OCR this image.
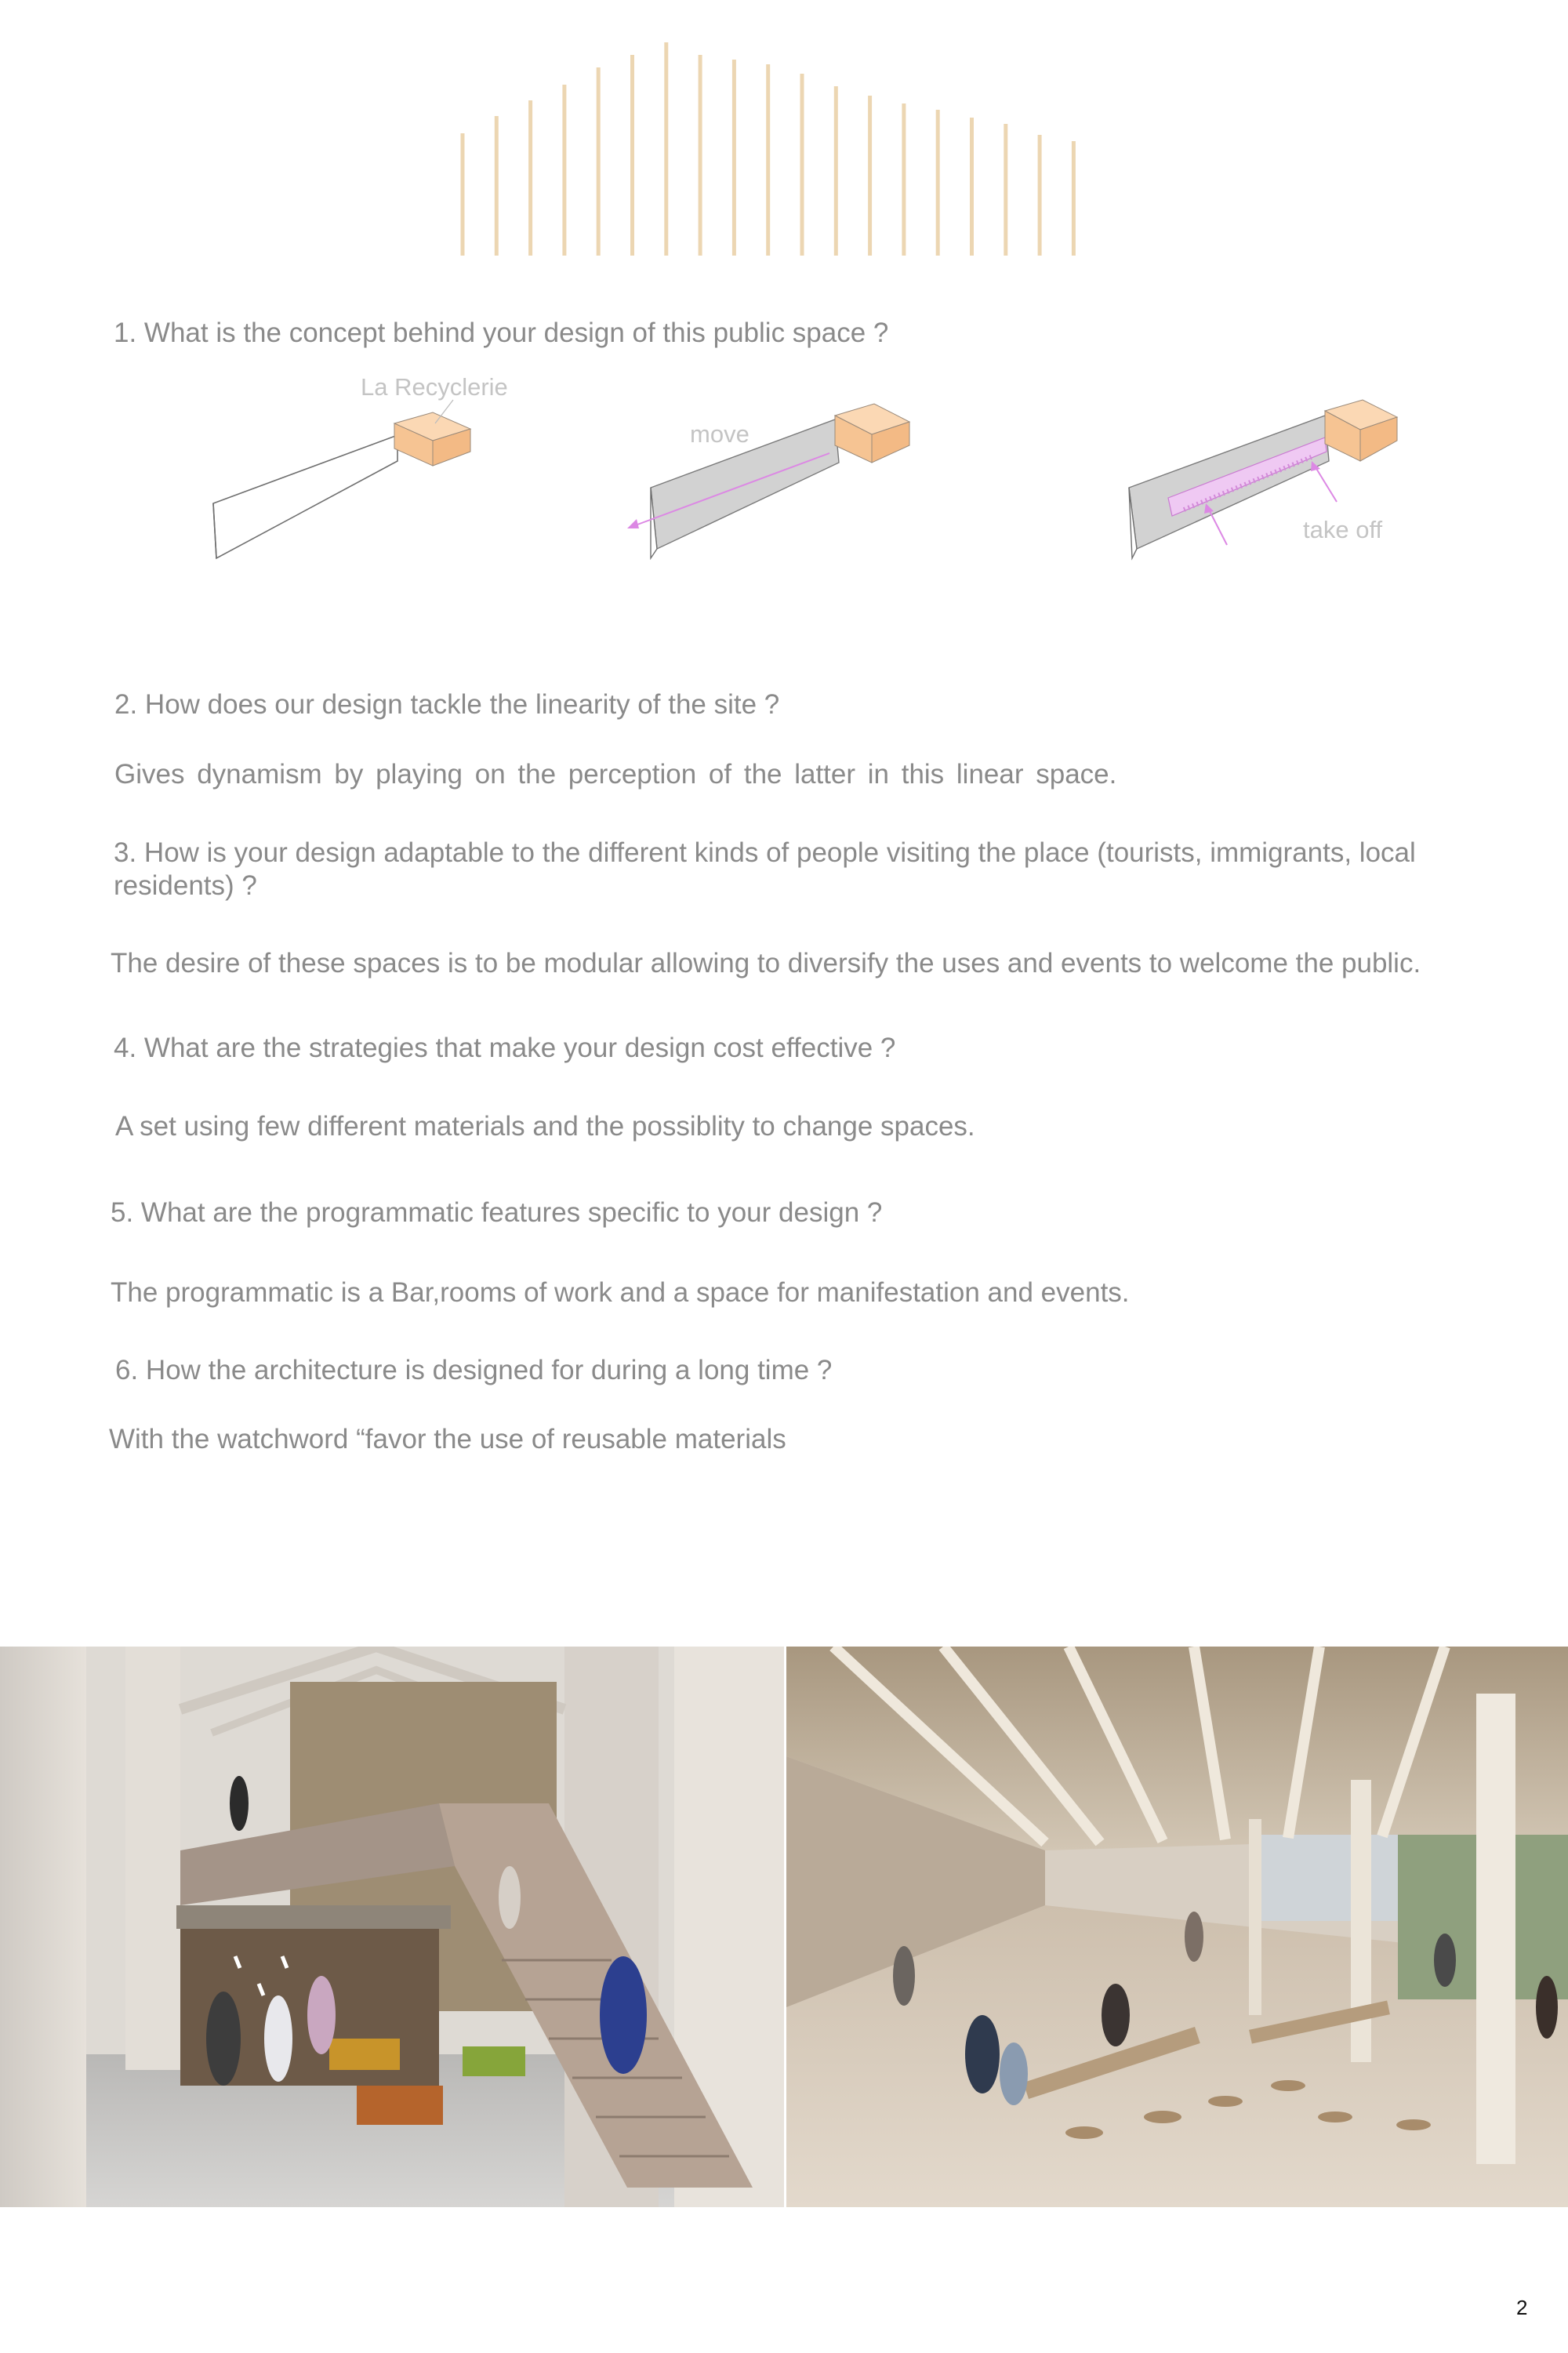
1. What is the concept behind your design of this public space ?

La Recyclerie
move
take off

2. How does our design tackle the linearity of the site ?

Gives dynamism by playing on the perception of the latter in this linear space.

3. How is your design adaptable to the different kinds of people visiting the place (tourists, immigrants, local residents) ?

The desire of these spaces is to be modular allowing to diversify the uses and events to welcome the public.

4. What are the strategies that make your design cost effective ?

A set using few different materials and the possiblity to change spaces.

5. What are the programmatic features specific to your design ?

The programmatic is a Bar,rooms of work and a space for manifestation and events.

6. How the architecture is designed for during a long time ?

With the watchword “favor the use of reusable materials

2
